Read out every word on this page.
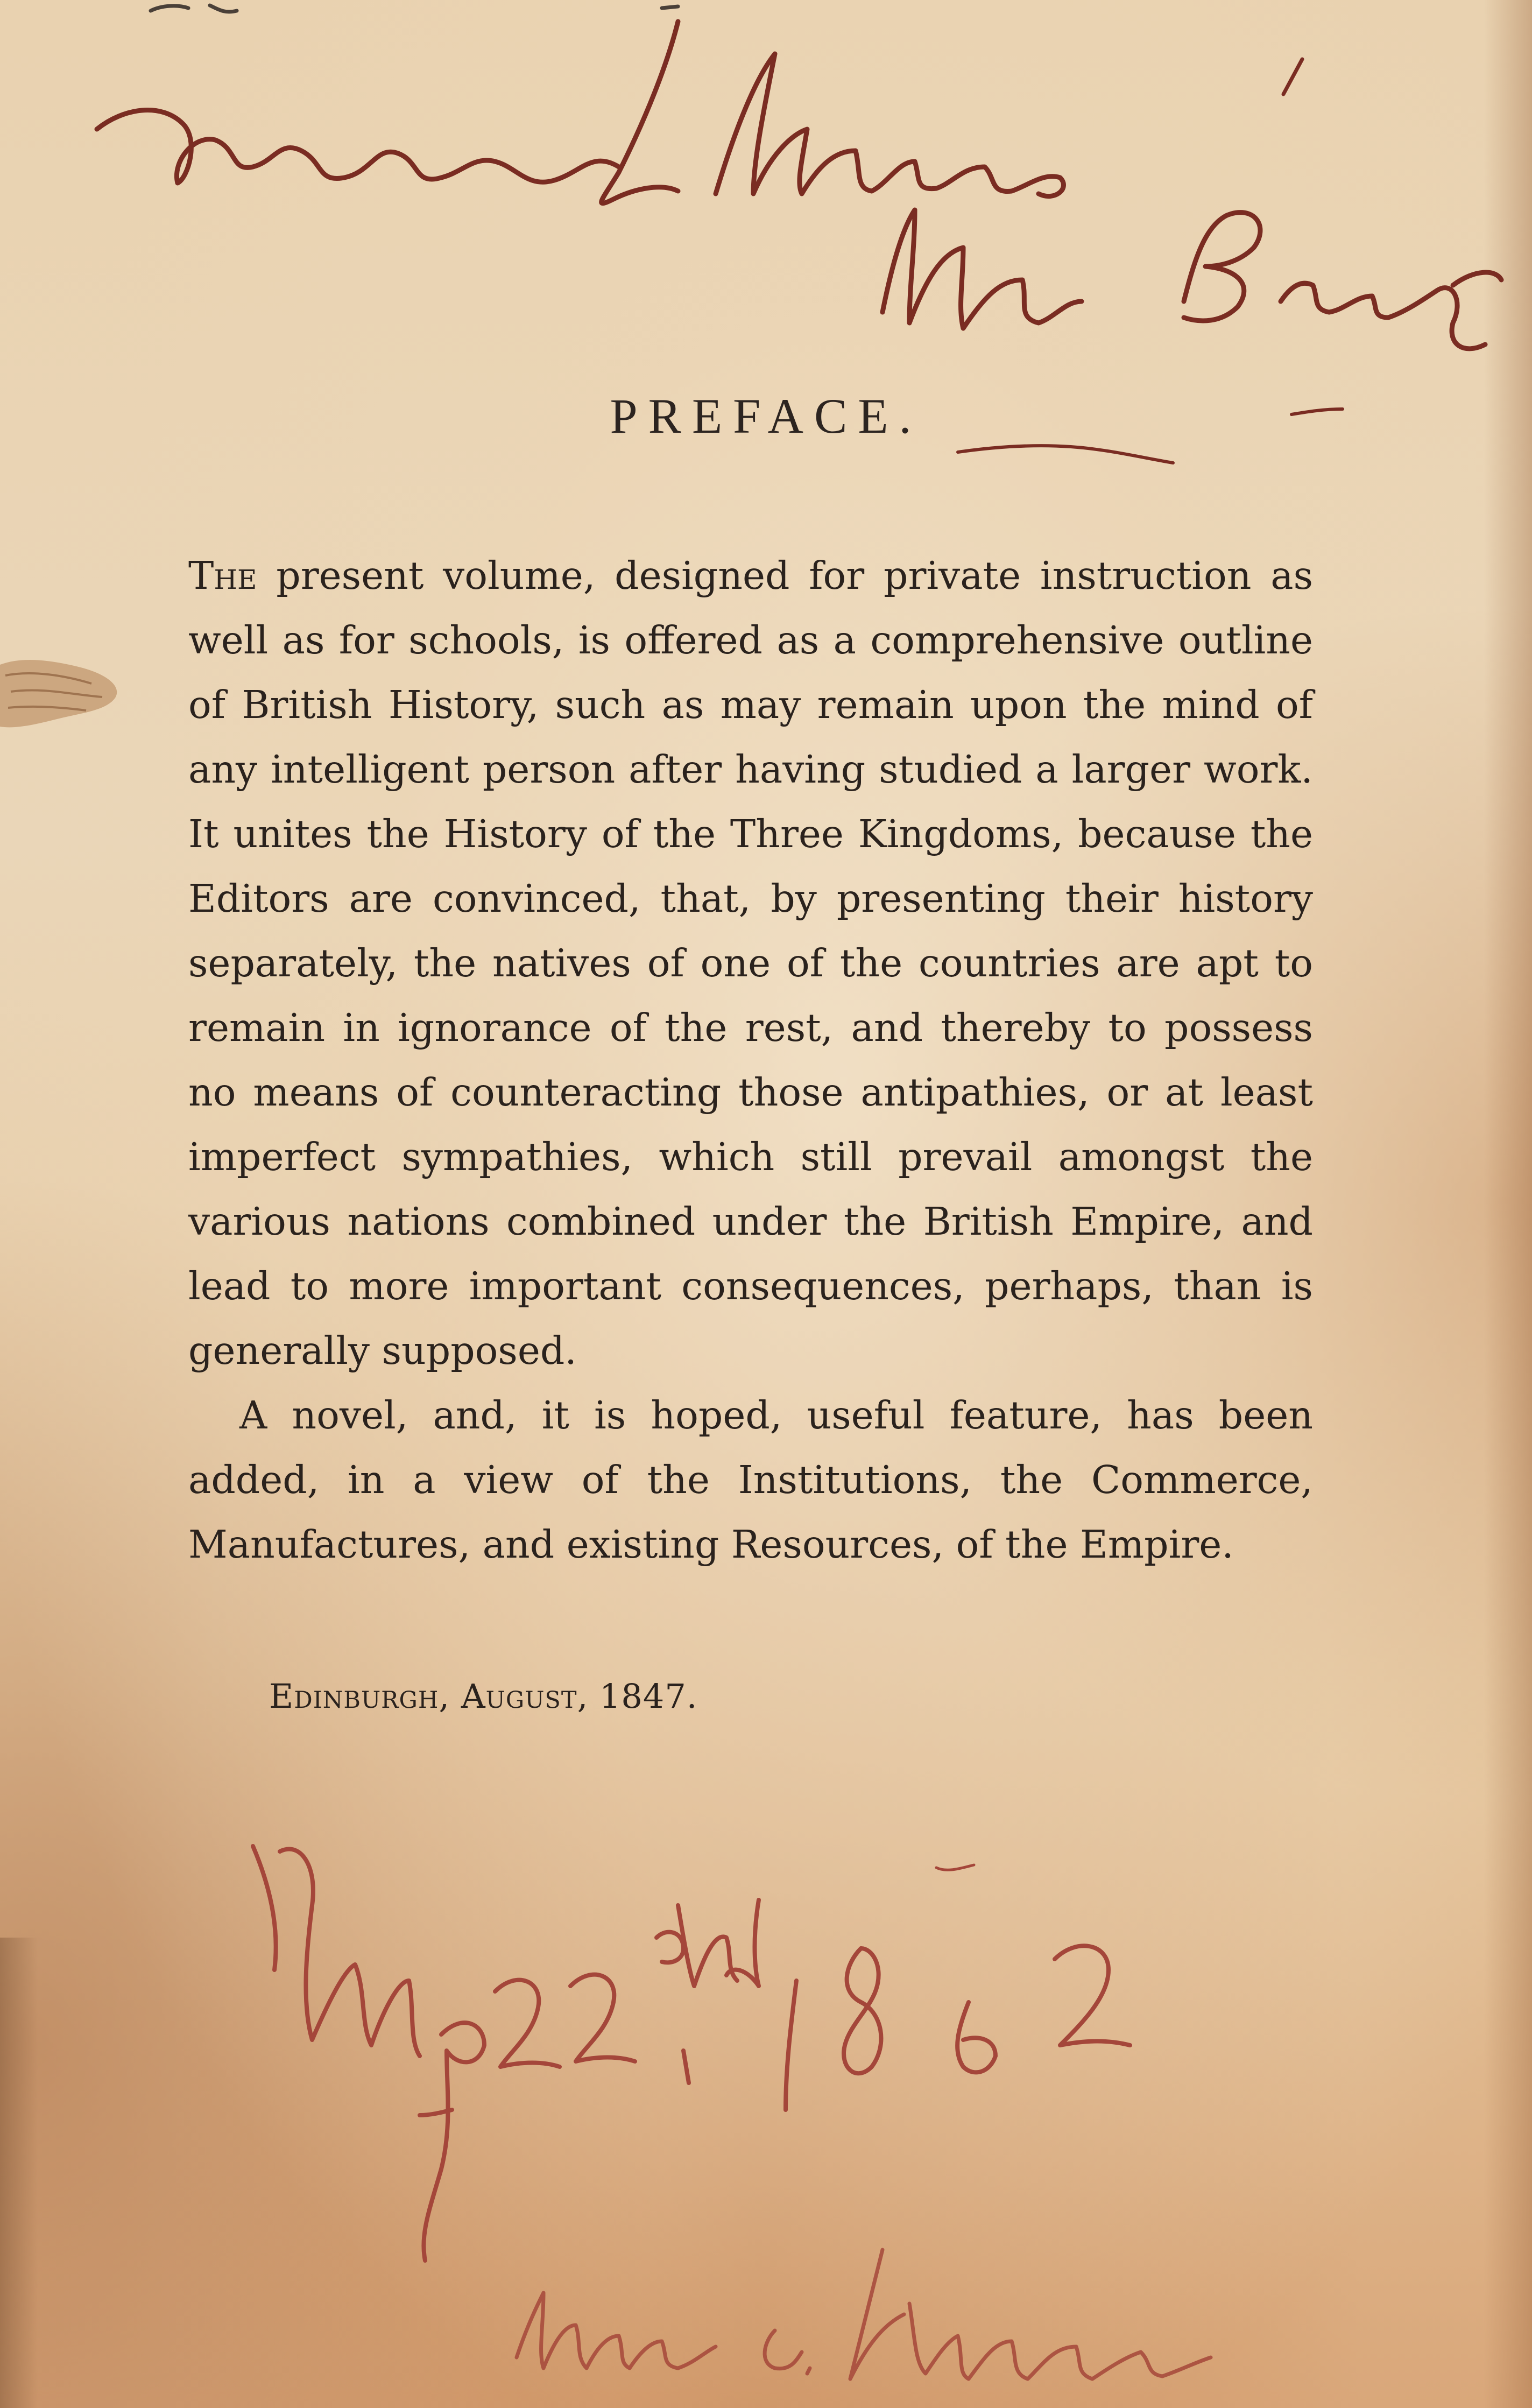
PREFACE.

The present volume, designed for private instruction as well as for schools, is offered as a comprehensive outline of British History, such as may remain upon the mind of any intelligent person after having studied a larger work. It unites the History of the Three Kingdoms, because the Editors are convinced, that, by presenting their history separately, the natives of one of the countries are apt to remain in ignorance of the rest, and thereby to possess no means of counteracting those antipathies, or at least imperfect sympathies, which still prevail amongst the various nations combined under the British Empire, and lead to more important consequences, perhaps, than is generally supposed.

A novel, and, it is hoped, useful feature, has been added, in a view of the Institutions, the Commerce, Manufactures, and existing Resources, of the Empire.

Edinburgh, August, 1847.
